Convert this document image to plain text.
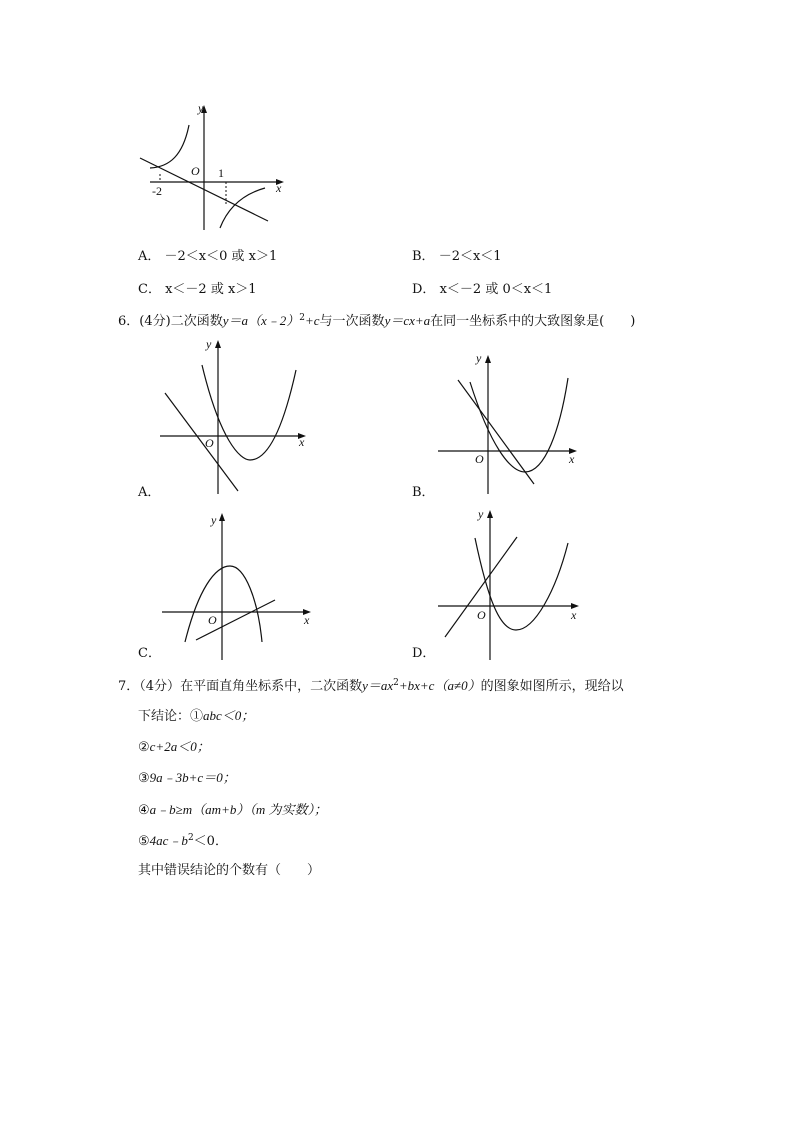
y
x
O 1
-2
A． －2＜x＜0 或 x＞1	B． －2＜x＜1
C． x＜－2 或 x＞1	D． x＜－2 或 0＜x＜1
6．(4分)二次函数y＝a（x﹣2）$^2$+c与一次函数y＝cx+a在同一坐标系中的大致图象是(　　)
y
x
O
A．
y
x
O
B．
y
x
O
C．
y
x
O
D．
7．（4分）在平面直角坐标系中，二次函数$y=ax^2+bx+c(a\ne 0)$的图象如图所示，现给以
下结论：①abc＜0；
②c+2a＜0；
③9a﹣3b+c＝0；
④a﹣b≥m（am+b）（m 为实数）；
$⑤4ac﹣b^2<0$．
其中错误结论的个数有（　　）
